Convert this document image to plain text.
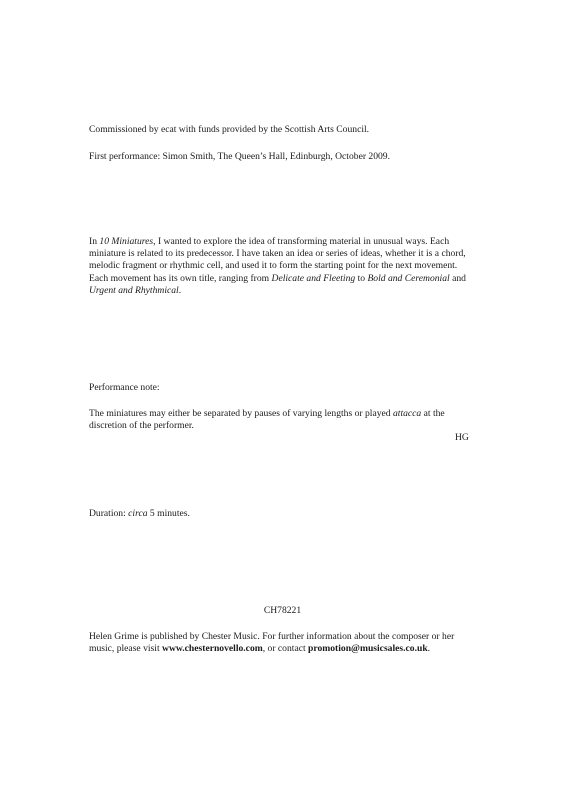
Commissioned by ecat with funds provided by the Scottish Arts Council.

First performance: Simon Smith, The Queen’s Hall, Edinburgh, October 2009.

In 10 Miniatures, I wanted to explore the idea of transforming material in unusual ways. Each miniature is related to its predecessor. I have taken an idea or series of ideas, whether it is a chord, melodic fragment or rhythmic cell, and used it to form the starting point for the next movement. Each movement has its own title, ranging from Delicate and Fleeting to Bold and Ceremonial and Urgent and Rhythmical.

Performance note:

The miniatures may either be separated by pauses of varying lengths or played attacca at the discretion of the performer.

HG

Duration: circa 5 minutes.

CH78221

Helen Grime is published by Chester Music. For further information about the composer or her music, please visit www.chesternovello.com, or contact promotion@musicsales.co.uk.
